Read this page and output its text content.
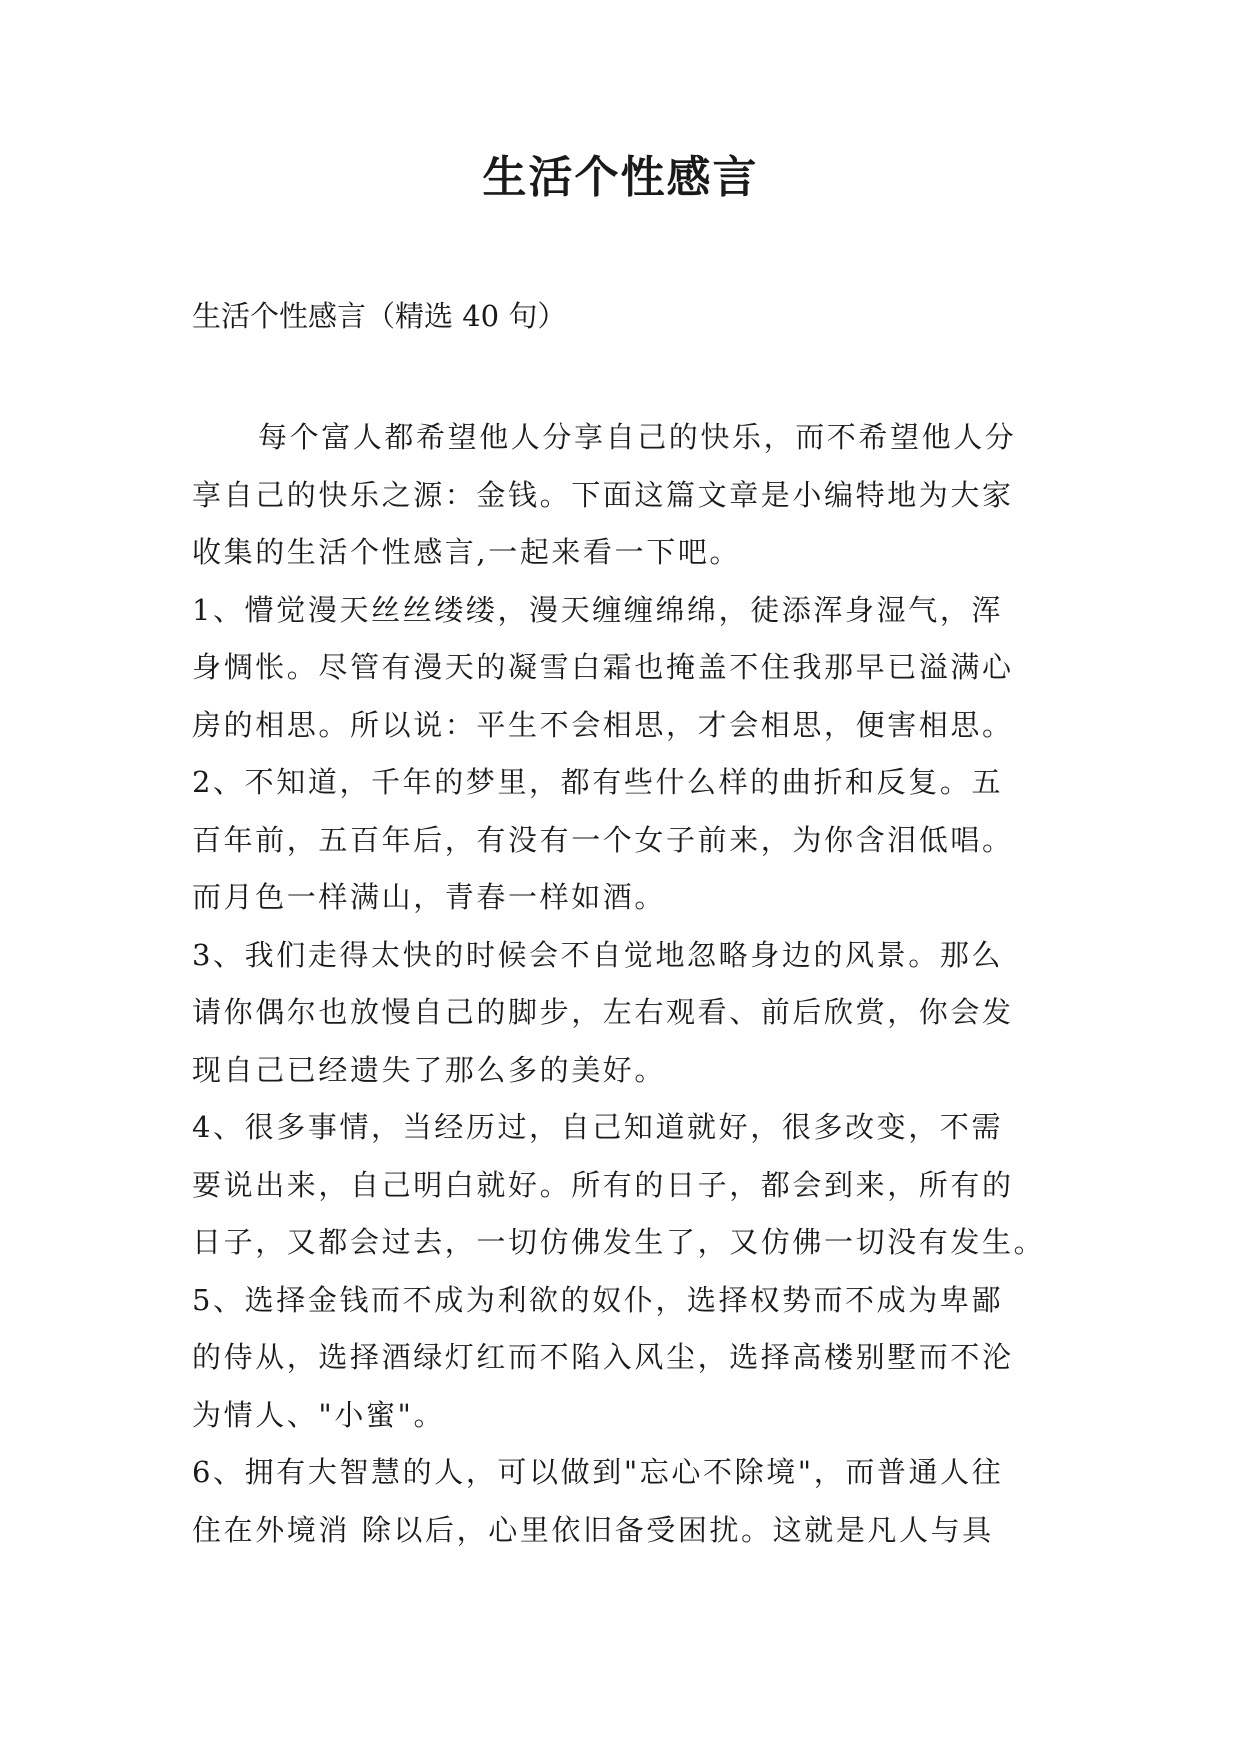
生活个性感言
生活个性感言（精选 40 句）
每个富人都希望他人分享自己的快乐，而不希望他人分
享自己的快乐之源：金钱。下面这篇文章是小编特地为大家
收集的生活个性感言,一起来看一下吧。
1、懵觉漫天丝丝缕缕，漫天缠缠绵绵，徒添浑身湿气，浑
身惆怅。尽管有漫天的凝雪白霜也掩盖不住我那早已溢满心
房的相思。所以说：平生不会相思，才会相思，便害相思。
2、不知道，千年的梦里，都有些什么样的曲折和反复。五
百年前，五百年后，有没有一个女子前来，为你含泪低唱。
而月色一样满山，青春一样如酒。
3、我们走得太快的时候会不自觉地忽略身边的风景。那么
请你偶尔也放慢自己的脚步，左右观看、前后欣赏，你会发
现自己已经遗失了那么多的美好。
4、很多事情，当经历过，自己知道就好，很多改变，不需
要说出来，自己明白就好。所有的日子，都会到来，所有的
日子，又都会过去，一切仿佛发生了，又仿佛一切没有发生。
5、选择金钱而不成为利欲的奴仆，选择权势而不成为卑鄙
的侍从，选择酒绿灯红而不陷入风尘，选择高楼别墅而不沦
为情人、"小蜜"。
6、拥有大智慧的人，可以做到"忘心不除境"，而普通人往
住在外境消 除以后，心里依旧备受困扰。这就是凡人与具
